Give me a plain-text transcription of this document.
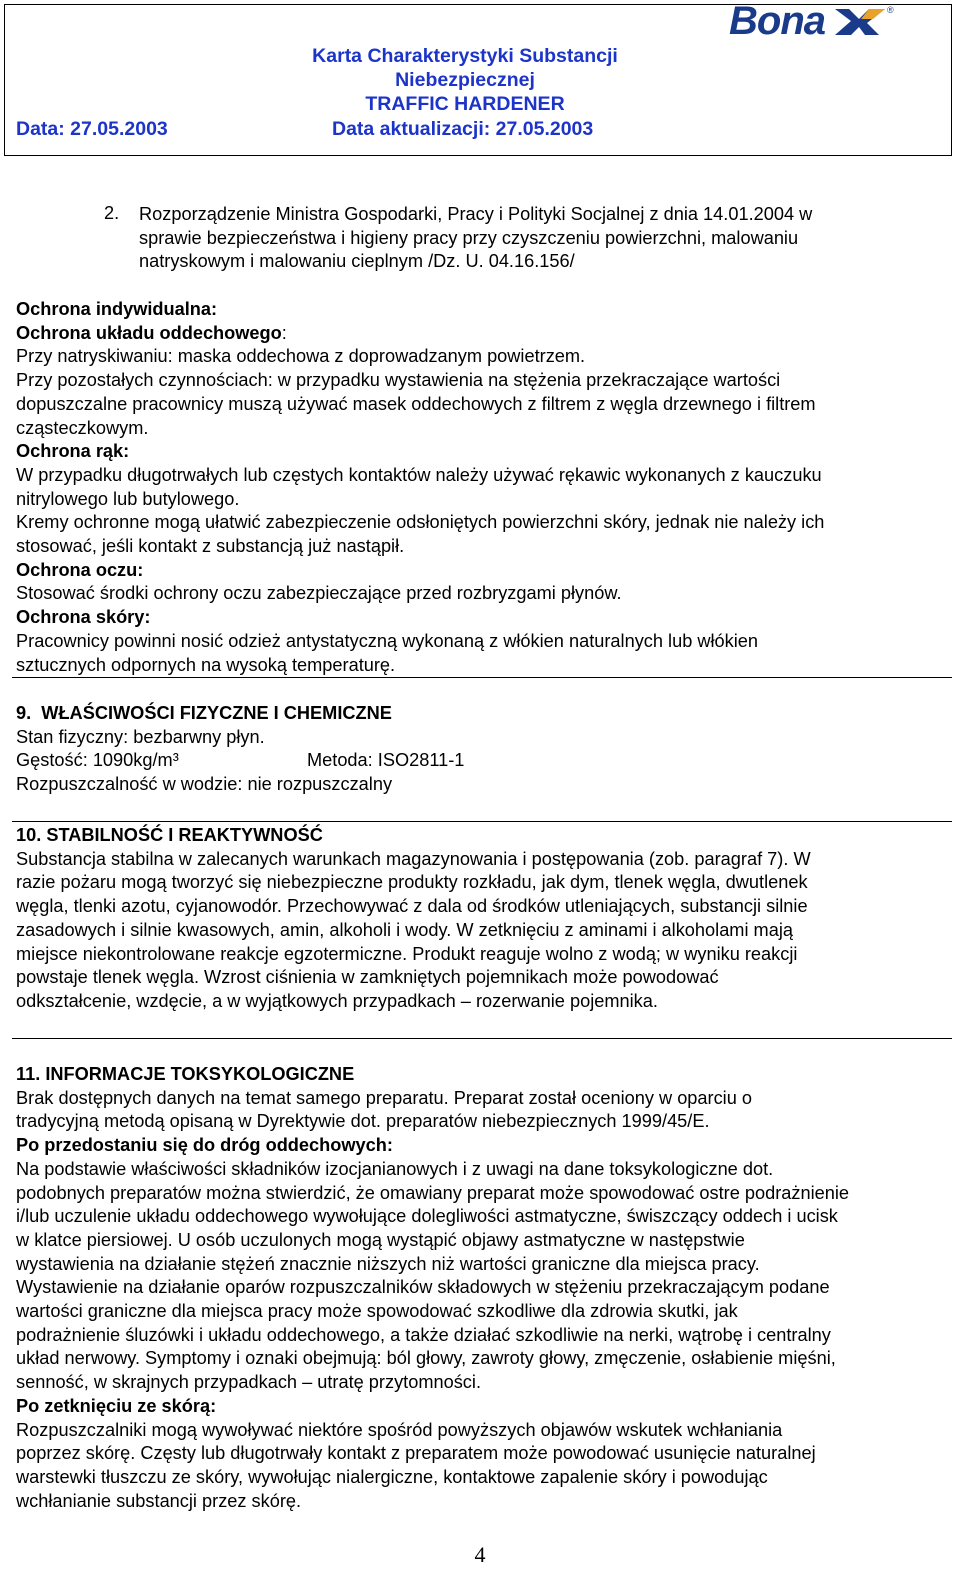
Bona	®
Karta Charakterystyki Substancji
Niebezpiecznej
TRAFFIC HARDENER
Data: 27.05.2003	Data aktualizacji: 27.05.2003
2. Rozporządzenie Ministra Gospodarki, Pracy i Polityki Socjalnej z dnia 14.01.2004 w
sprawie bezpieczeństwa i higieny pracy przy czyszczeniu powierzchni, malowaniu
natryskowym i malowaniu cieplnym /Dz. U. 04.16.156/
Ochrona indywidualna:
Ochrona układu oddechowego:
Przy natryskiwaniu: maska oddechowa z doprowadzanym powietrzem.
Przy pozostałych czynnościach: w przypadku wystawienia na stężenia przekraczające wartości
dopuszczalne pracownicy muszą używać masek oddechowych z filtrem z węgla drzewnego i filtrem
cząsteczkowym.
Ochrona rąk:
W przypadku długotrwałych lub częstych kontaktów należy używać rękawic wykonanych z kauczuku
nitrylowego lub butylowego.
Kremy ochronne mogą ułatwić zabezpieczenie odsłoniętych powierzchni skóry, jednak nie należy ich
stosować, jeśli kontakt z substancją już nastąpił.
Ochrona oczu:
Stosować środki ochrony oczu zabezpieczające przed rozbryzgami płynów.
Ochrona skóry:
Pracownicy powinni nosić odzież antystatyczną wykonaną z włókien naturalnych lub włókien
sztucznych odpornych na wysoką temperaturę.
9. WŁAŚCIWOŚCI FIZYCZNE I CHEMICZNE
Stan fizyczny: bezbarwny płyn.
Gęstość: 1090kg/m³	Metoda: ISO2811-1
Rozpuszczalność w wodzie: nie rozpuszczalny
10. STABILNOŚĆ I REAKTYWNOŚĆ
Substancja stabilna w zalecanych warunkach magazynowania i postępowania (zob. paragraf 7). W
razie pożaru mogą tworzyć się niebezpieczne produkty rozkładu, jak dym, tlenek węgla, dwutlenek
węgla, tlenki azotu, cyjanowodór. Przechowywać z dala od środków utleniających, substancji silnie
zasadowych i silnie kwasowych, amin, alkoholi i wody. W zetknięciu z aminami i alkoholami mają
miejsce niekontrolowane reakcje egzotermiczne. Produkt reaguje wolno z wodą; w wyniku reakcji
powstaje tlenek węgla. Wzrost ciśnienia w zamkniętych pojemnikach może powodować
odkształcenie, wzdęcie, a w wyjątkowych przypadkach – rozerwanie pojemnika.
11. INFORMACJE TOKSYKOLOGICZNE
Brak dostępnych danych na temat samego preparatu. Preparat został oceniony w oparciu o
tradycyjną metodą opisaną w Dyrektywie dot. preparatów niebezpiecznych 1999/45/E.
Po przedostaniu się do dróg oddechowych:
Na podstawie właściwości składników izocjanianowych i z uwagi na dane toksykologiczne dot.
podobnych preparatów można stwierdzić, że omawiany preparat może spowodować ostre podrażnienie
i/lub uczulenie układu oddechowego wywołujące dolegliwości astmatyczne, świszczący oddech i ucisk
w klatce piersiowej. U osób uczulonych mogą wystąpić objawy astmatyczne w następstwie
wystawienia na działanie stężeń znacznie niższych niż wartości graniczne dla miejsca pracy.
Wystawienie na działanie oparów rozpuszczalników składowych w stężeniu przekraczającym podane
wartości graniczne dla miejsca pracy może spowodować szkodliwe dla zdrowia skutki, jak
podrażnienie śluzówki i układu oddechowego, a także działać szkodliwie na nerki, wątrobę i centralny
układ nerwowy. Symptomy i oznaki obejmują: ból głowy, zawroty głowy, zmęczenie, osłabienie mięśni,
senność, w skrajnych przypadkach – utratę przytomności.
Po zetknięciu ze skórą:
Rozpuszczalniki mogą wywoływać niektóre spośród powyższych objawów wskutek wchłaniania
poprzez skórę. Częsty lub długotrwały kontakt z preparatem może powodować usunięcie naturalnej
warstewki tłuszczu ze skóry, wywołując nialergiczne, kontaktowe zapalenie skóry i powodując
wchłanianie substancji przez skórę.
4
